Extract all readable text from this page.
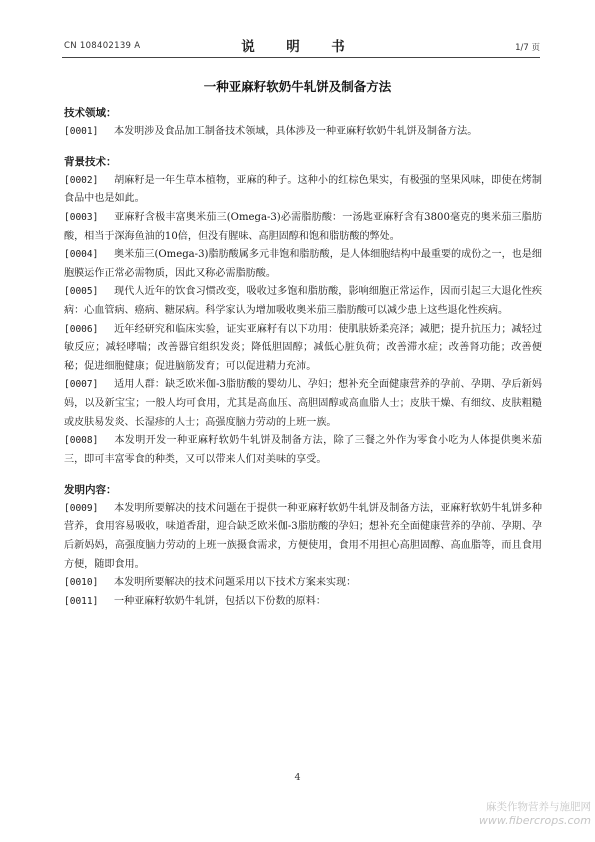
CN 108402139 A	说　明　书	1/7 页
一种亚麻籽软奶牛轧饼及制备方法

技术领域：

[0001] 本发明涉及食品加工制备技术领域，具体涉及一种亚麻籽软奶牛轧饼及制备方法。

背景技术：

[0002] 胡麻籽是一年生草本植物，亚麻的种子。这种小的红棕色果实，有极强的坚果风味，即使在烤制食品中也是如此。

[0003] 亚麻籽含极丰富奥米茄三(Omega-3)必需脂肪酸：一汤匙亚麻籽含有3800毫克的奥米茄三脂肪酸，相当于深海鱼油的10倍，但没有腥味、高胆固醇和饱和脂肪酸的弊处。

[0004] 奥米茄三(Omega-3)脂肪酸属多元非饱和脂肪酸，是人体细胞结构中最重要的成份之一，也是细胞膜运作正常必需物质，因此又称必需脂肪酸。

[0005] 现代人近年的饮食习惯改变，吸收过多饱和脂肪酸，影响细胞正常运作，因而引起三大退化性疾病：心血管病、癌病、糖尿病。科学家认为增加吸收奥米茄三脂肪酸可以减少患上这些退化性疾病。

[0006] 近年经研究和临床实验，证实亚麻籽有以下功用：使肌肤娇柔亮泽；减肥；提升抗压力；减轻过敏反应；减轻哮喘；改善器官组织发炎；降低胆固醇；减低心脏负荷；改善滞水症；改善肾功能；改善便秘；促进细胞健康；促进脑筋发育；可以促进精力充沛。

[0007] 适用人群：缺乏欧米伽-3脂肪酸的婴幼儿、孕妇；想补充全面健康营养的孕前、孕期、孕后新妈妈，以及新宝宝；一般人均可食用，尤其是高血压、高胆固醇或高血脂人士；皮肤干燥、有细纹、皮肤粗糙或皮肤易发炎、长湿疹的人士；高强度脑力劳动的上班一族。

[0008] 本发明开发一种亚麻籽软奶牛轧饼及制备方法，除了三餐之外作为零食小吃为人体提供奥米茄三，即可丰富零食的种类，又可以带来人们对美味的享受。

发明内容：

[0009] 本发明所要解决的技术问题在于提供一种亚麻籽软奶牛轧饼及制备方法，亚麻籽软奶牛轧饼多种营养，食用容易吸收，味道香甜，迎合缺乏欧米伽-3脂肪酸的孕妇；想补充全面健康营养的孕前、孕期、孕后新妈妈，高强度脑力劳动的上班一族摄食需求，方便使用，食用不用担心高胆固醇、高血脂等，而且食用方便，随即食用。

[0010] 本发明所要解决的技术问题采用以下技术方案来实现：

[0011] 一种亚麻籽软奶牛轧饼，包括以下份数的原料：

4
麻类作物营养与施肥网
www.fibercrops.com
